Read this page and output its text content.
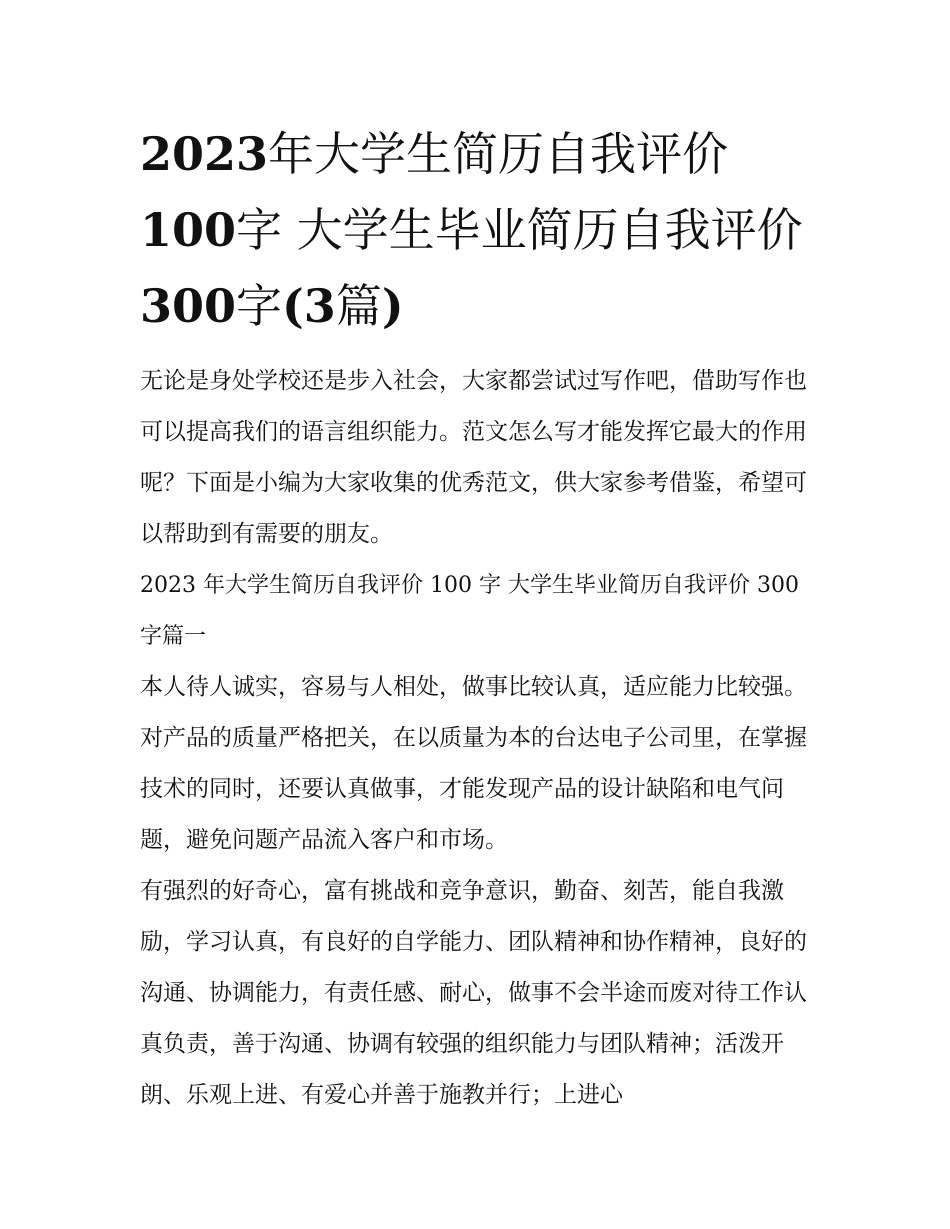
2023年大学生简历自我评价
100字 大学生毕业简历自我评价300字(3篇)

无论是身处学校还是步入社会，大家都尝试过写作吧，借助写作也可以提高我们的语言组织能力。范文怎么写才能发挥它最大的作用呢？下面是小编为大家收集的优秀范文，供大家参考借鉴，希望可以帮助到有需要的朋友。

2023 年大学生简历自我评价 100 字 大学生毕业简历自我评价 300 字篇一

本人待人诚实，容易与人相处，做事比较认真，适应能力比较强。对产品的质量严格把关，在以质量为本的台达电子公司里，在掌握技术的同时，还要认真做事，才能发现产品的设计缺陷和电气问题，避免问题产品流入客户和市场。

有强烈的好奇心，富有挑战和竞争意识，勤奋、刻苦，能自我激励，学习认真，有良好的自学能力、团队精神和协作精神，良好的沟通、协调能力，有责任感、耐心，做事不会半途而废对待工作认真负责，善于沟通、协调有较强的组织能力与团队精神；活泼开朗、乐观上进、有爱心并善于施教并行；上进心
